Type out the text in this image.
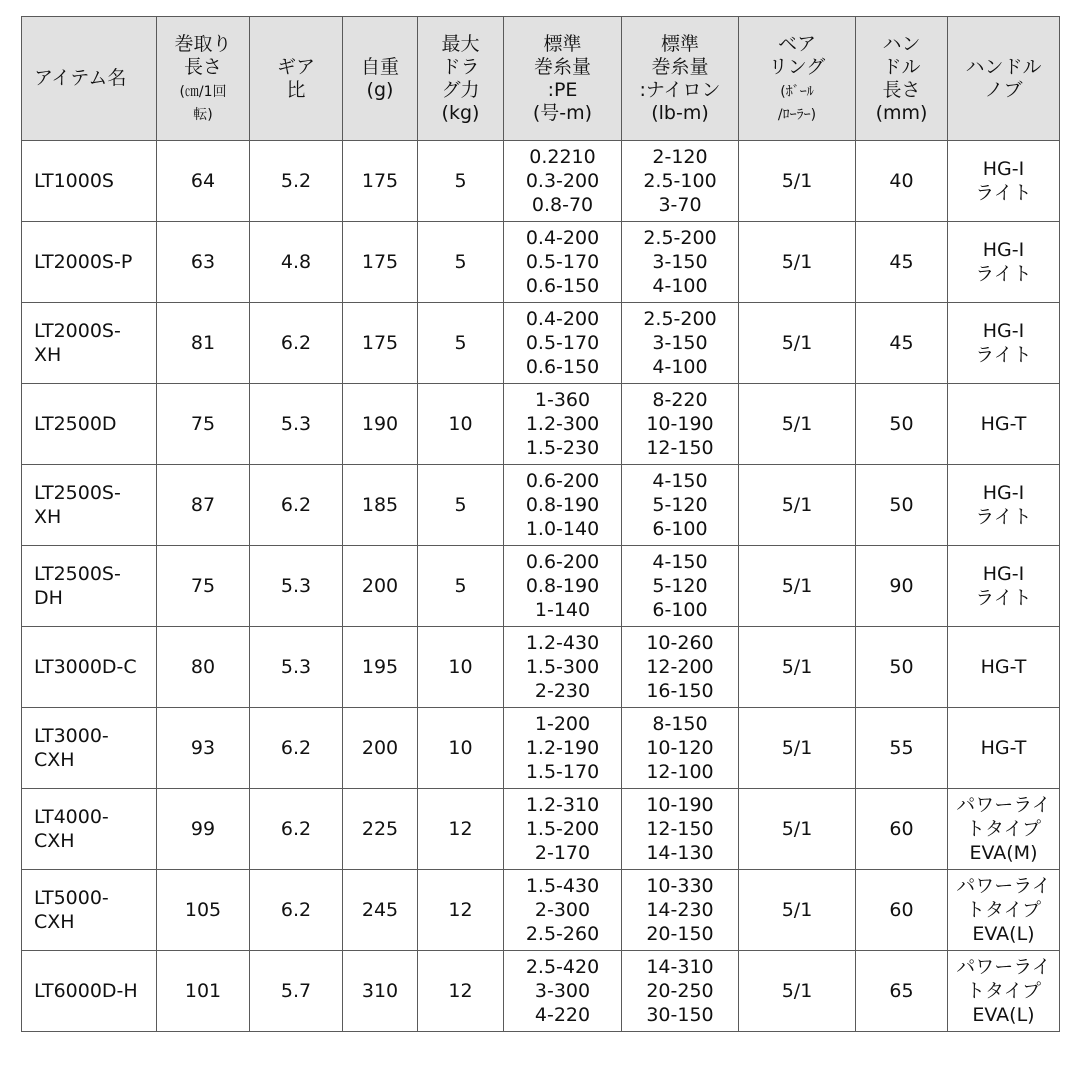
アイテム名	巻取り
長さ
(㎝/1回
転)	ギア
比	自重
(g)	最大
ドラ
グ力
(kg)	標準
巻糸量
:PE
(号-m)	標準
巻糸量
:ナイロン
(lb-m)	ベア
リング
(ﾎﾞｰﾙ
/ﾛｰﾗｰ)	ハン
ドル
長さ
(mm)	ハンドル
ノブ
LT1000S	64	5.2	175	5	0.2210
0.3-200
0.8-70	2-120
2.5-100
3-70	5/1	40	HG-I
ライト
LT2000S-P	63	4.8	175	5	0.4-200
0.5-170
0.6-150	2.5-200
3-150
4-100	5/1	45	HG-I
ライト
LT2000S-
XH	81	6.2	175	5	0.4-200
0.5-170
0.6-150	2.5-200
3-150
4-100	5/1	45	HG-I
ライト
LT2500D	75	5.3	190	10	1-360
1.2-300
1.5-230	8-220
10-190
12-150	5/1	50	HG-T
LT2500S-
XH	87	6.2	185	5	0.6-200
0.8-190
1.0-140	4-150
5-120
6-100	5/1	50	HG-I
ライト
LT2500S-
DH	75	5.3	200	5	0.6-200
0.8-190
1-140	4-150
5-120
6-100	5/1	90	HG-I
ライト
LT3000D-C	80	5.3	195	10	1.2-430
1.5-300
2-230	10-260
12-200
16-150	5/1	50	HG-T
LT3000-
CXH	93	6.2	200	10	1-200
1.2-190
1.5-170	8-150
10-120
12-100	5/1	55	HG-T
LT4000-
CXH	99	6.2	225	12	1.2-310
1.5-200
2-170	10-190
12-150
14-130	5/1	60	パワーライ
トタイプ
EVA(M)
LT5000-
CXH	105	6.2	245	12	1.5-430
2-300
2.5-260	10-330
14-230
20-150	5/1	60	パワーライ
トタイプ
EVA(L)
LT6000D-H	101	5.7	310	12	2.5-420
3-300
4-220	14-310
20-250
30-150	5/1	65	パワーライ
トタイプ
EVA(L)
